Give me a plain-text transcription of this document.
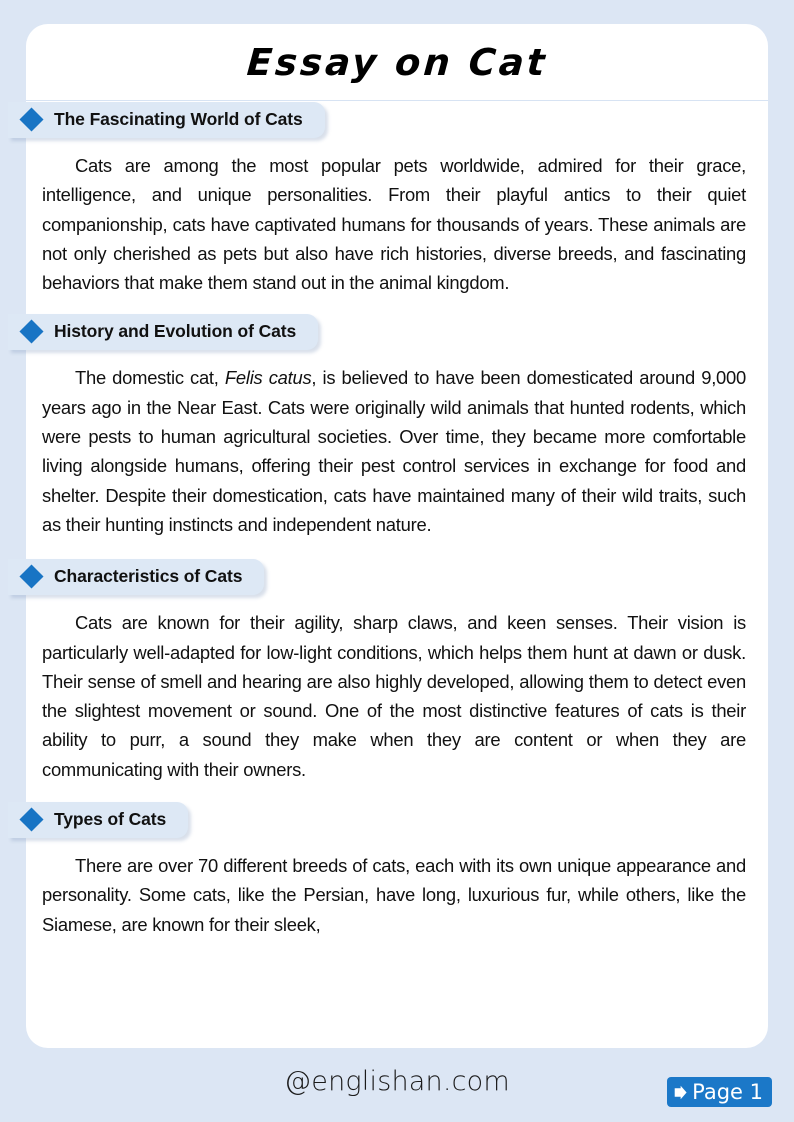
Essay on Cat
The Fascinating World of Cats

Cats are among the most popular pets worldwide, admired for their grace, intelligence, and unique personalities. From their playful antics to their quiet companionship, cats have captivated humans for thousands of years. These animals are not only cherished as pets but also have rich histories, diverse breeds, and fascinating behaviors that make them stand out in the animal kingdom.

History and Evolution of Cats

The domestic cat, Felis catus, is believed to have been domesticated around 9,000 years ago in the Near East. Cats were originally wild animals that hunted rodents, which were pests to human agricultural societies. Over time, they became more comfortable living alongside humans, offering their pest control services in exchange for food and shelter. Despite their domestication, cats have maintained many of their wild traits, such as their hunting instincts and independent nature.

Characteristics of Cats

Cats are known for their agility, sharp claws, and keen senses. Their vision is particularly well-adapted for low-light conditions, which helps them hunt at dawn or dusk. Their sense of smell and hearing are also highly developed, allowing them to detect even the slightest movement or sound. One of the most distinctive features of cats is their ability to purr, a sound they make when they are content or when they are communicating with their owners.

Types of Cats

There are over 70 different breeds of cats, each with its own unique appearance and personality. Some cats, like the Persian, have long, luxurious fur, while others, like the Siamese, are known for their sleek,

@englishan.com	Page 1
